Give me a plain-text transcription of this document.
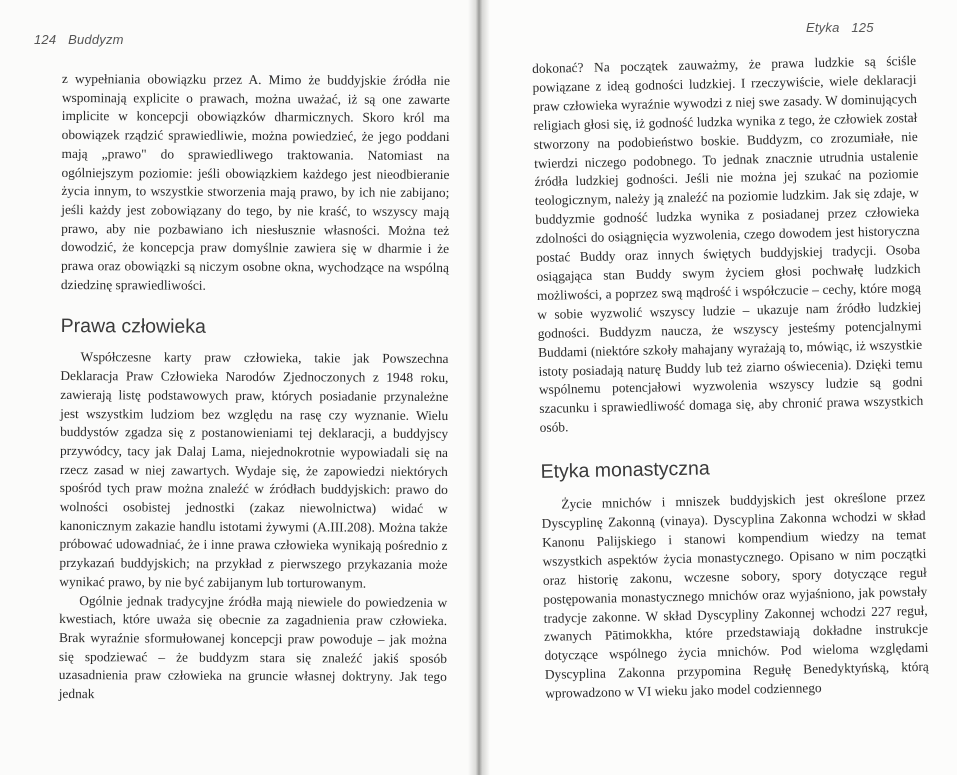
124 Buddyzm

z wypełniania obowiązku przez A. Mimo że buddyjskie źródła nie wspominają explicite o prawach, można uważać, iż są one zawarte implicite w koncepcji obowiązków dharmicznych. Skoro król ma obowiązek rządzić sprawiedliwie, można powiedzieć, że jego poddani mają „prawo" do sprawiedliwego traktowania. Natomiast na ogólniejszym poziomie: jeśli obowiązkiem każdego jest nieodbieranie życia innym, to wszystkie stworzenia mają prawo, by ich nie zabijano; jeśli każdy jest zobowiązany do tego, by nie kraść, to wszyscy mają prawo, aby nie pozbawiano ich niesłusznie własności. Można też dowodzić, że koncepcja praw domyślnie zawiera się w dharmie i że prawa oraz obowiązki są niczym osobne okna, wychodzące na wspólną dziedzinę sprawiedliwości.

Prawa człowieka

Współczesne karty praw człowieka, takie jak Powszechna Deklaracja Praw Człowieka Narodów Zjednoczonych z 1948 roku, zawierają listę podstawowych praw, których posiadanie przynależne jest wszystkim ludziom bez względu na rasę czy wyznanie. Wielu buddystów zgadza się z postanowieniami tej deklaracji, a buddyjscy przywódcy, tacy jak Dalaj Lama, niejednokrotnie wypowiadali się na rzecz zasad w niej zawartych. Wydaje się, że zapowiedzi niektórych spośród tych praw można znaleźć w źródłach buddyjskich: prawo do wolności osobistej jednostki (zakaz niewolnictwa) widać w kanonicznym zakazie handlu istotami żywymi (A.III.208). Można także próbować udowadniać, że i inne prawa człowieka wynikają pośrednio z przykazań buddyjskich; na przykład z pierwszego przykazania może wynikać prawo, by nie być zabijanym lub torturowanym.

Ogólnie jednak tradycyjne źródła mają niewiele do powiedzenia w kwestiach, które uważa się obecnie za zagadnienia praw człowieka. Brak wyraźnie sformułowanej koncepcji praw powoduje – jak można się spodziewać – że buddyzm stara się znaleźć jakiś sposób uzasadnienia praw człowieka na gruncie własnej doktryny. Jak tego jednak

Etyka 125

dokonać? Na początek zauważmy, że prawa ludzkie są ściśle powiązane z ideą godności ludzkiej. I rzeczywiście, wiele deklaracji praw człowieka wyraźnie wywodzi z niej swe zasady. W dominujących religiach głosi się, iż godność ludzka wynika z tego, że człowiek został stworzony na podobieństwo boskie. Buddyzm, co zrozumiałe, nie twierdzi niczego podobnego. To jednak znacznie utrudnia ustalenie źródła ludzkiej godności. Jeśli nie można jej szukać na poziomie teologicznym, należy ją znaleźć na poziomie ludzkim. Jak się zdaje, w buddyzmie godność ludzka wynika z posiadanej przez człowieka zdolności do osiągnięcia wyzwolenia, czego dowodem jest historyczna postać Buddy oraz innych świętych buddyjskiej tradycji. Osoba osiągająca stan Buddy swym życiem głosi pochwałę ludzkich możliwości, a poprzez swą mądrość i współczucie – cechy, które mogą w sobie wyzwolić wszyscy ludzie – ukazuje nam źródło ludzkiej godności. Buddyzm naucza, że wszyscy jesteśmy potencjalnymi Buddami (niektóre szkoły mahajany wyrażają to, mówiąc, iż wszystkie istoty posiadają naturę Buddy lub też ziarno oświecenia). Dzięki temu wspólnemu potencjałowi wyzwolenia wszyscy ludzie są godni szacunku i sprawiedliwość domaga się, aby chronić prawa wszystkich osób.

Etyka monastyczna

Życie mnichów i mniszek buddyjskich jest określone przez Dyscyplinę Zakonną (vinaya). Dyscyplina Zakonna wchodzi w skład Kanonu Palijskiego i stanowi kompendium wiedzy na temat wszystkich aspektów życia monastycznego. Opisano w nim początki oraz historię zakonu, wczesne sobory, spory dotyczące reguł postępowania monastycznego mnichów oraz wyjaśniono, jak powstały tradycje zakonne. W skład Dyscypliny Zakonnej wchodzi 227 reguł, zwanych Pātimokkha, które przedstawiają dokładne instrukcje dotyczące wspólnego życia mnichów. Pod wieloma względami Dyscyplina Zakonna przypomina Regułę Benedyktyńską, którą wprowadzono w VI wieku jako model codziennego
